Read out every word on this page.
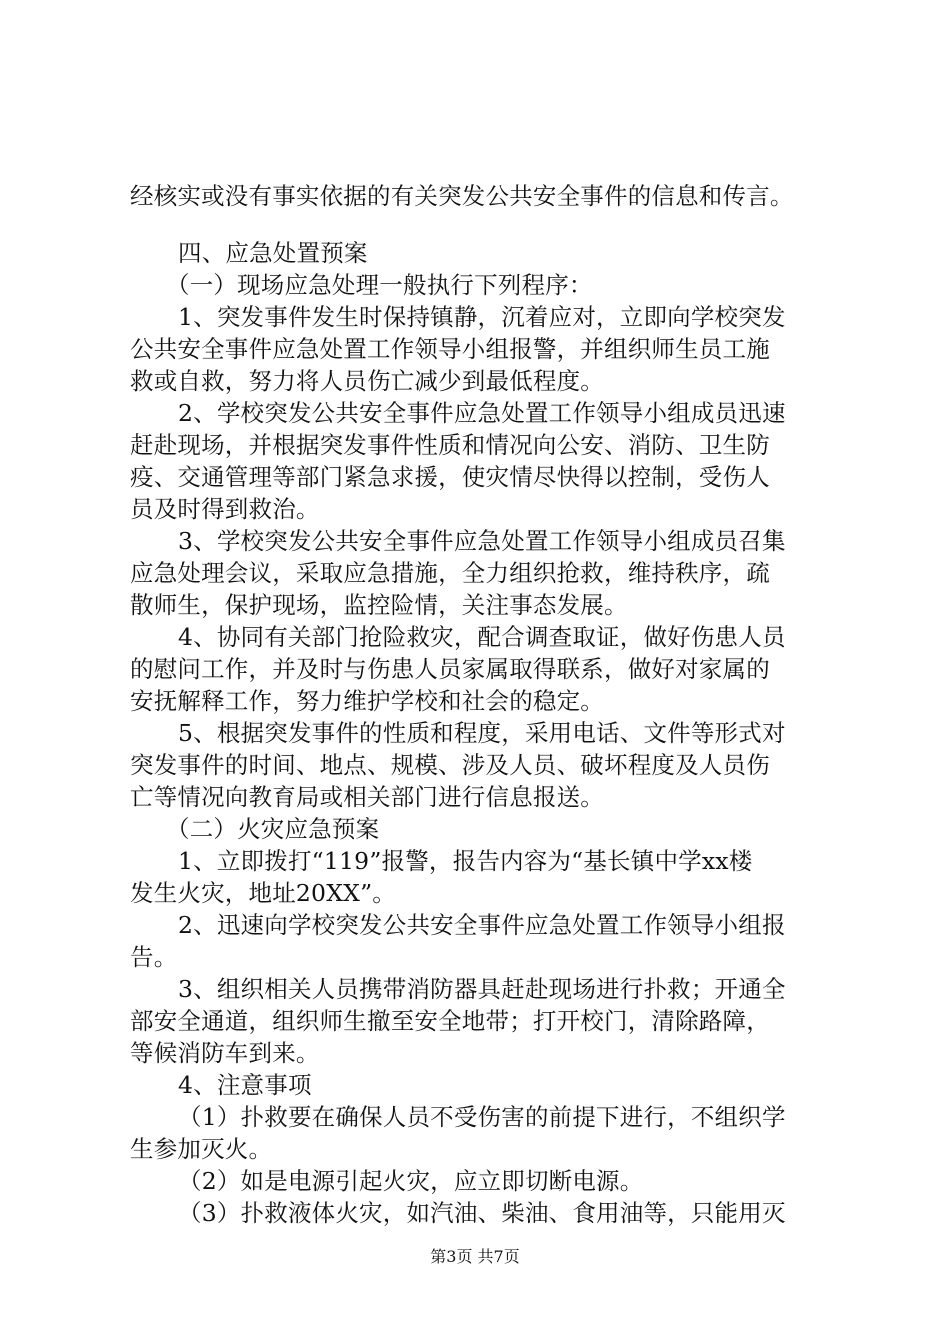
经核实或没有事实依据的有关突发公共安全事件的信息和传言。
四、应急处置预案
（一）现场应急处理一般执行下列程序：
1、突发事件发生时保持镇静，沉着应对，立即向学校突发
公共安全事件应急处置工作领导小组报警，并组织师生员工施
救或自救，努力将人员伤亡减少到最低程度。
2、学校突发公共安全事件应急处置工作领导小组成员迅速
赶赴现场，并根据突发事件性质和情况向公安、消防、卫生防
疫、交通管理等部门紧急求援，使灾情尽快得以控制，受伤人
员及时得到救治。
3、学校突发公共安全事件应急处置工作领导小组成员召集
应急处理会议，采取应急措施，全力组织抢救，维持秩序，疏
散师生，保护现场，监控险情，关注事态发展。
4、协同有关部门抢险救灾，配合调查取证，做好伤患人员
的慰问工作，并及时与伤患人员家属取得联系，做好对家属的
安抚解释工作，努力维护学校和社会的稳定。
5、根据突发事件的性质和程度，采用电话、文件等形式对
突发事件的时间、地点、规模、涉及人员、破坏程度及人员伤
亡等情况向教育局或相关部门进行信息报送。
（二）火灾应急预案
1、立即拨打“119”报警，报告内容为“基长镇中学xx楼
发生火灾，地址20XX”。
2、迅速向学校突发公共安全事件应急处置工作领导小组报
告。
3、组织相关人员携带消防器具赶赴现场进行扑救；开通全
部安全通道，组织师生撤至安全地带；打开校门，清除路障，
等候消防车到来。
4、注意事项
（1）扑救要在确保人员不受伤害的前提下进行，不组织学
生参加灭火。
（2）如是电源引起火灾，应立即切断电源。
（3）扑救液体火灾，如汽油、柴油、食用油等，只能用灭
第3页 共7页
